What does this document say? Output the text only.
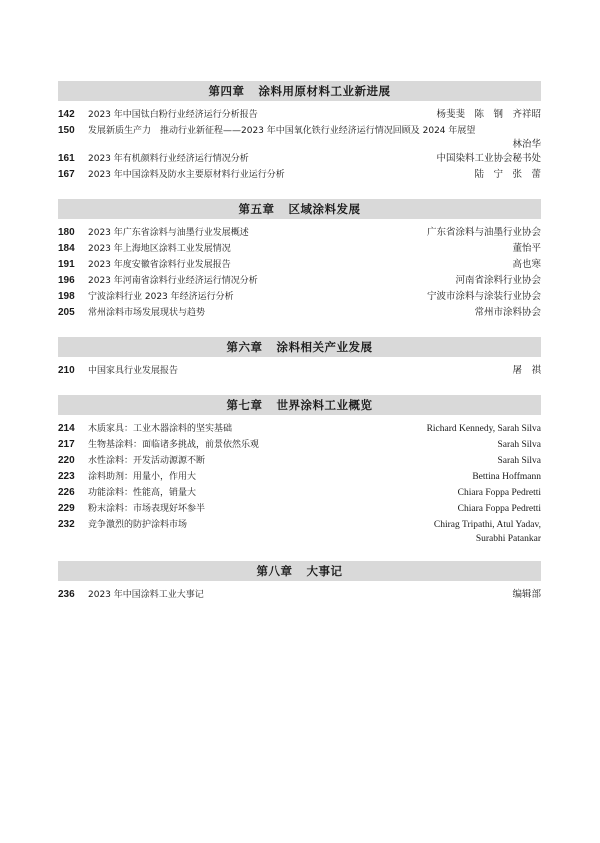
第四章 涂料用原材料工业新进展
142	2023 年中国钛白粉行业经济运行分析报告	杨斐斐　陈　钢　齐祥昭
150	发展新质生产力　推动行业新征程——2023 年中国氧化铁行业经济运行情况回顾及 2024 年展望
林治华
161	2023 年有机颜料行业经济运行情况分析	中国染料工业协会秘书处
167	2023 年中国涂料及防水主要原材料行业运行分析	陆　宁　张　蕾
第五章 区域涂料发展
180	2023 年广东省涂料与油墨行业发展概述	广东省涂料与油墨行业协会
184	2023 年上海地区涂料工业发展情况	董怡平
191	2023 年度安徽省涂料行业发展报告	高也寒
196	2023 年河南省涂料行业经济运行情况分析	河南省涂料行业协会
198	宁波涂料行业 2023 年经济运行分析	宁波市涂料与涂装行业协会
205	常州涂料市场发展现状与趋势	常州市涂料协会
第六章 涂料相关产业发展
210	中国家具行业发展报告	屠　祺
第七章 世界涂料工业概览
214	木质家具：工业木器涂料的坚实基础	Richard Kennedy, Sarah Silva
217	生物基涂料：面临诸多挑战，前景依然乐观	Sarah Silva
220	水性涂料：开发活动源源不断	Sarah Silva
223	涂料助剂：用量小，作用大	Bettina Hoffmann
226	功能涂料：性能高，销量大	Chiara Foppa Pedretti
229	粉末涂料：市场表现好坏参半	Chiara Foppa Pedretti
232	竞争激烈的防护涂料市场	Chirag Tripathi, Atul Yadav,
Surabhi Patankar
第八章 大事记
236	2023 年中国涂料工业大事记	编辑部
